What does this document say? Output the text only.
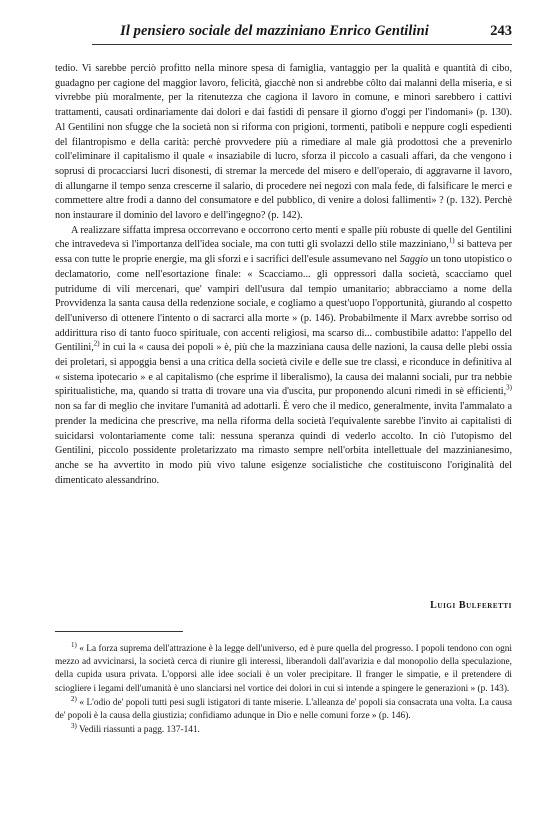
Il pensiero sociale del mazziniano Enrico Gentilini	243

tedio. Vi sarebbe perciò profitto nella minore spesa di famiglia, vantaggio per la qualità e quantità di cibo, guadagno per cagione del maggior lavoro, felicità, giacchè non si andrebbe côlto dai malanni della miseria, e si vivrebbe più moralmente, per la ritenutezza che cagiona il lavoro in comune, e minori sarebbero i cattivi trattamenti, causati ordinariamente dai dolori e dai fastidi di pensare il giorno d'oggi per l'indomani» (p. 130). Al Gentilini non sfugge che la società non si riforma con prigioni, tormenti, patiboli e neppure cogli espedienti del filantropismo e della carità: perchè provvedere più a rimediare al male già prodottosi che a prevenirlo coll'eliminare il capitalismo il quale « insaziabile di lucro, sforza il piccolo a casuali affari, da che vengono i soprusi di procacciarsi lucri disonesti, di stremar la mercede del misero e dell'operaio, di aggravarne il lavoro, di allungarne il tempo senza crescerne il salario, di procedere nei negozi con mala fede, di falsificare le merci e commettere altre frodi a danno del consumatore e del pubblico, di venire a dolosi fallimenti» ? (p. 132). Perchè non instaurare il dominio del lavoro e dell'ingegno? (p. 142).

A realizzare siffatta impresa occorrevano e occorrono certo menti e spalle più robuste di quelle del Gentilini che intravedeva sì l'importanza dell'idea sociale, ma con tutti gli svolazzi dello stile mazziniano,$^{1)}$ si batteva per essa con tutte le proprie energie, ma gli sforzi e i sacrifici dell'esule assumevano nel Saggio un tono utopistico o declamatorio, come nell'esortazione finale: « Scacciamo... gli oppressori dalla società, scacciamo quel putridume di vili mercenari, que' vampiri dell'usura dal tempio umanitario; abbracciamo a nome della Provvidenza la santa causa della redenzione sociale, e cogliamo a quest'uopo l'opportunità, giurando al cospetto dell'universo di ottenere l'intento o di sacrarci alla morte » (p. 146). Probabilmente il Marx avrebbe sorriso od addirittura riso di tanto fuoco spirituale, con accenti religiosi, ma scarso di... combustibile adatto: l'appello del Gentilini,$^{2)}$ in cui la « causa dei popoli » è, più che la mazziniana causa delle nazioni, la causa delle plebi ossia dei proletari, si appoggia bensì a una critica della società civile e delle sue tre classi, e riconduce in definitiva al « sistema ipotecario » e al capitalismo (che esprime il liberalismo), la causa dei malanni sociali, pur tra nebbie spiritualistiche, ma, quando si tratta di trovare una via d'uscita, pur proponendo alcuni rimedi in sè efficienti,$^{3)}$ non sa far di meglio che invitare l'umanità ad adottarli. È vero che il medico, generalmente, invita l'ammalato a prender la medicina che prescrive, ma nella riforma della società l'equivalente sarebbe l'invito ai capitalisti di suicidarsi volontariamente come tali: nessuna speranza quindi di vederlo accolto. In ciò l'utopismo del Gentilini, piccolo possidente proletarizzato ma rimasto sempre nell'orbita intellettuale del mazzinianesimo, anche se ha avvertito in modo più vivo talune esigenze socialistiche che costituiscono l'originalità del dimenticato alessandrino.

Luigi Bulferetti

$^{1)}$ « La forza suprema dell'attrazione è la legge dell'universo, ed è pure quella del progresso. I popoli tendono con ogni mezzo ad avvicinarsi, la società cerca di riunire gli interessi, liberandoli dall'avarizia e dal monopolio della speculazione, della cupida usura privata. L'opporsi alle idee sociali è un voler precipitare. Il franger le simpatie, e il pretendere di sciogliere i legami dell'umanità è uno slanciarsi nel vortice dei dolori in cui si intende a spingere le generazioni » (p. 143).

$^{2)}$ « L'odio de' popoli tutti pesi sugli istigatori di tante miserie. L'alleanza de' popoli sia consacrata una volta. La causa de' popoli è la causa della giustizia; confidiamo adunque in Dio e nelle comuni forze » (p. 146).

$^{3)}$ Vedili riassunti a pagg. 137-141.
